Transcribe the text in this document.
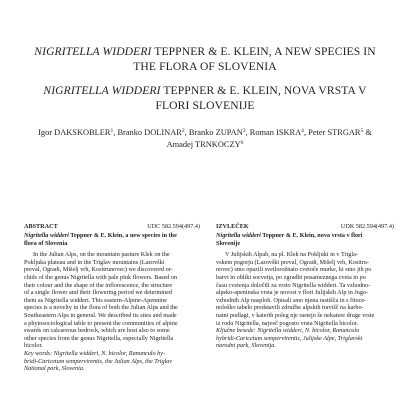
NIGRITELLA WIDDERI TEPPNER & E. KLEIN, A NEW SPECIES IN
THE FLORA OF SLOVENIA
NIGRITELLA WIDDERI TEPPNER & E. KLEIN, NOVA VRSTA V
FLORI SLOVENIJE
Igor DAKSKOBLER$^1$, Branko DOLINAR$^2$, Branko ZUPAN$^3$, Roman ISKRA$^4$, Peter STRGAR$^5$ &
Amadej TRNKOCZY$^6$
ABSTRACT	UDC 582.594(497.4)
Nigritella widderi Teppner & E. Klein, a new species in the
flora of Slovenia
In the Julian Alps, on the mountain pasture Klek on the
Pokljuka plateau and in the Triglav mountains (Lazovški
preval, Ogradi, Mišelj vrh, Kositrunovec) we discovered or-
chids of the genus Nigritella with pale pink flowers. Based on
their colour and the shape of the inflorescence, the structure
of a single flower and their flowering period we determined
them as Nigritella widderi. This eastern-Alpine-Apennine
species is a novelty in the flora of both the Julian Alps and the
Southeastern Alps in general. We described its sites and made
a phytosociological table to present the communities of alpine
swards on calcareous bedrock, which are host also to some
other species from the genus Nigritella, especially Nigritella
bicolor.
Key words: Nigritella widderi, N. bicolor, Ranunculo hy-
bridi-Caricetum sempervirentis, the Julian Alps, the Triglav
National park, Slovenia.
IZVLEČEK	UDK 582.594(497.4)
Nigritella widderi Teppner & E. Klein, nova vrsta v flori
Slovenije
V Julijskih Alpah, na pl. Klek na Pokljuki in v Trigla-
vskem pogorju (Lazovški preval, Ogradi, Mišelj vrh, Kositru-
novec) smo opazili svetlorožnato cvetoče murke, ki smo jih po
barvi in obliki socvetja, po zgradbi posameznega cveta in po
času cvetenja določili za vrsto Nigritella widderi. Ta vzhodno-
alpsko-apeninska vrsta je novost v flori Julijskih Alp in Jugo-
vzhodnih Alp nasploh. Opisali smo njena rastišča in s fitoce-
nološko tabelo predstavili združbe alpskih travišč na karbo-
natni podlagi, v katerih poleg nje rastejo še nekatere druge vrste
iz rodu Nigritella, največ pogosto vrsta Nigritella bicolor.
Ključne besede: Nigritella widderi, N. bicolor, Ranunculo
hybridi-Caricetum sempervirentis, Julijske Alpe, Triglavski
narodni park, Slovenija.
